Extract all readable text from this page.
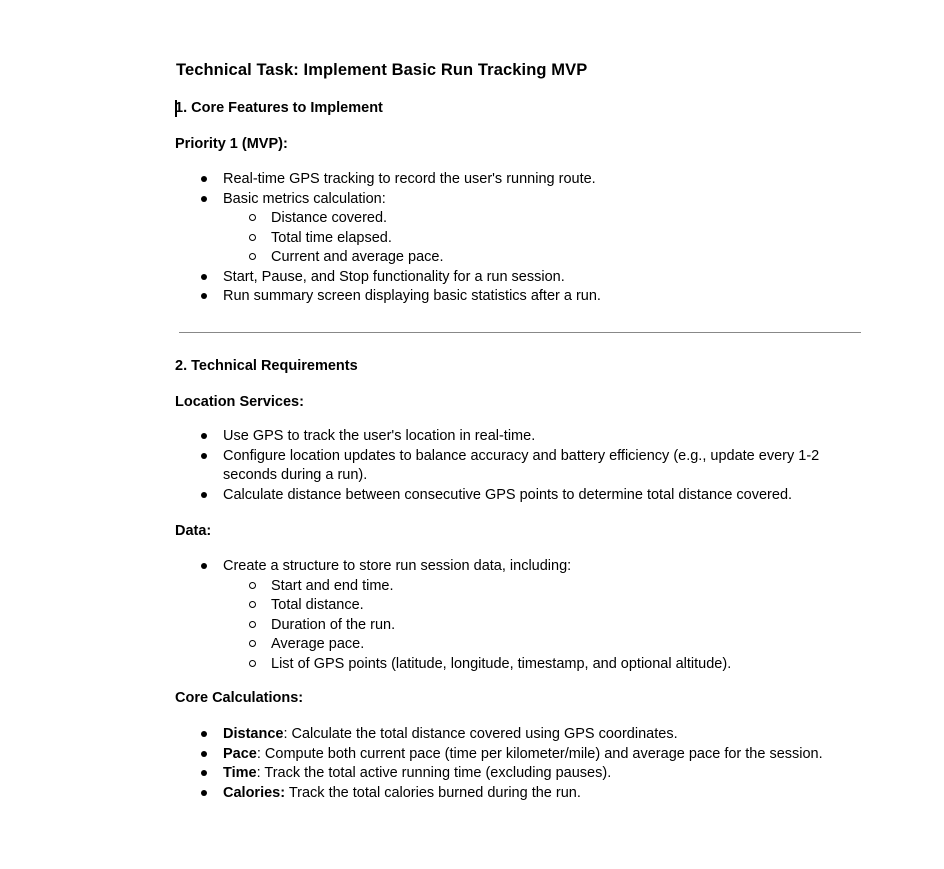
Technical Task: Implement Basic Run Tracking MVP
1. Core Features to Implement
Priority 1 (MVP):
Real-time GPS tracking to record the user's running route.
Basic metrics calculation:
Distance covered.
Total time elapsed.
Current and average pace.
Start, Pause, and Stop functionality for a run session.
Run summary screen displaying basic statistics after a run.
2. Technical Requirements
Location Services:
Use GPS to track the user's location in real-time.
Configure location updates to balance accuracy and battery efficiency (e.g., update every 1-2 seconds during a run).
Calculate distance between consecutive GPS points to determine total distance covered.
Data:
Create a structure to store run session data, including:
Start and end time.
Total distance.
Duration of the run.
Average pace.
List of GPS points (latitude, longitude, timestamp, and optional altitude).
Core Calculations:
Distance: Calculate the total distance covered using GPS coordinates.
Pace: Compute both current pace (time per kilometer/mile) and average pace for the session.
Time: Track the total active running time (excluding pauses).
Calories: Track the total calories burned during the run.
